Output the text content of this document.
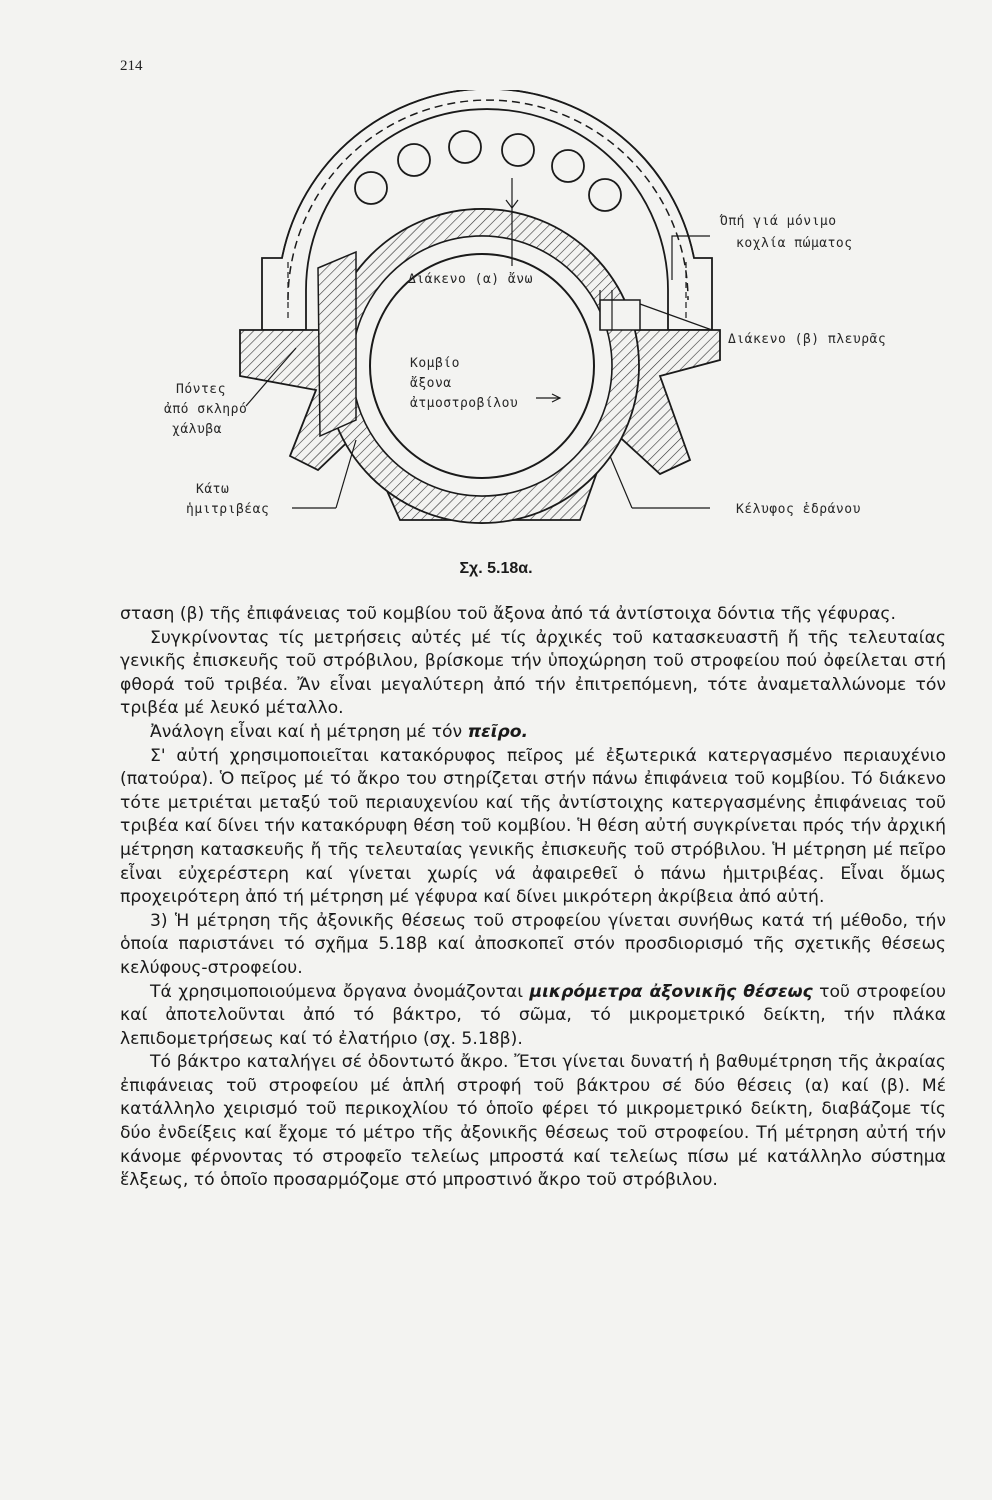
214
Όπή γιά μόνιμο
κοχλία πώματος
Διάκενο (α) ἄνω
Διάκενο (β) πλευρᾶς
Κομβίο
ἄξονα
ἀτμοστροβίλου
Πόντες
ἀπό σκληρό
χάλυβα
Κάτω
ἡμιτριβέας	Κέλυφος ἑδράνου
Σχ. 5.18α.

σταση (β) τῆς ἐπιφάνειας τοῦ κομβίου τοῦ ἄξονα ἀπό τά ἀντίστοιχα δόντια τῆς γέφυρας.

Συγκρίνοντας τίς μετρήσεις αὐτές μέ τίς ἀρχικές τοῦ κατασκευαστῆ ἤ τῆς τελευταίας γενικῆς ἐπισκευῆς τοῦ στρόβιλου, βρίσκομε τήν ὑποχώρηση τοῦ στροφείου πού ὀφείλεται στή φθορά τοῦ τριβέα. Ἄν εἶναι μεγαλύτερη ἀπό τήν ἐπιτρεπόμενη, τότε ἀναμεταλλώνομε τόν τριβέα μέ λευκό μέταλλο.

Ἀνάλογη εἶναι καί ἡ μέτρηση μέ τόν πεῖρο.

Σ' αὐτή χρησιμοποιεῖται κατακόρυφος πεῖρος μέ ἐξωτερικά κατεργασμένο περιαυχένιο (πατούρα). Ὁ πεῖρος μέ τό ἄκρο του στηρίζεται στήν πάνω ἐπιφάνεια τοῦ κομβίου. Τό διάκενο τότε μετριέται μεταξύ τοῦ περιαυχενίου καί τῆς ἀντίστοιχης κατεργασμένης ἐπιφάνειας τοῦ τριβέα καί δίνει τήν κατακόρυφη θέση τοῦ κομβίου. Ἡ θέση αὐτή συγκρίνεται πρός τήν ἀρχική μέτρηση κατασκευῆς ἤ τῆς τελευταίας γενικῆς ἐπισκευῆς τοῦ στρόβιλου. Ἡ μέτρηση μέ πεῖρο εἶναι εὐχερέστερη καί γίνεται χωρίς νά ἀφαιρεθεῖ ὁ πάνω ἡμιτριβέας. Εἶναι ὅμως προχειρότερη ἀπό τή μέτρηση μέ γέφυρα καί δίνει μικρότερη ἀκρίβεια ἀπό αὐτή.

3) Ἡ μέτρηση τῆς ἀξονικῆς θέσεως τοῦ στροφείου γίνεται συνήθως κατά τή μέθοδο, τήν ὁποία παριστάνει τό σχῆμα 5.18β καί ἀποσκοπεῖ στόν προσδιορισμό τῆς σχετικῆς θέσεως κελύφους-στροφείου.

Τά χρησιμοποιούμενα ὄργανα ὀνομάζονται μικρόμετρα ἀξονικῆς θέσεως τοῦ στροφείου καί ἀποτελοῦνται ἀπό τό βάκτρο, τό σῶμα, τό μικρομετρικό δείκτη, τήν πλάκα λεπιδομετρήσεως καί τό ἐλατήριο (σχ. 5.18β).

Τό βάκτρο καταλήγει σέ ὀδοντωτό ἄκρο. Ἔτσι γίνεται δυνατή ἡ βαθυμέτρηση τῆς ἀκραίας ἐπιφάνειας τοῦ στροφείου μέ ἁπλή στροφή τοῦ βάκτρου σέ δύο θέσεις (α) καί (β). Μέ κατάλληλο χειρισμό τοῦ περικοχλίου τό ὁποῖο φέρει τό μικρομετρικό δείκτη, διαβάζομε τίς δύο ἐνδείξεις καί ἔχομε τό μέτρο τῆς ἀξονικῆς θέσεως τοῦ στροφείου. Τή μέτρηση αὐτή τήν κάνομε φέρνοντας τό στροφεῖο τελείως μπροστά καί τελείως πίσω μέ κατάλληλο σύστημα ἕλξεως, τό ὁποῖο προσαρμόζομε στό μπροστινό ἄκρο τοῦ στρόβιλου.
